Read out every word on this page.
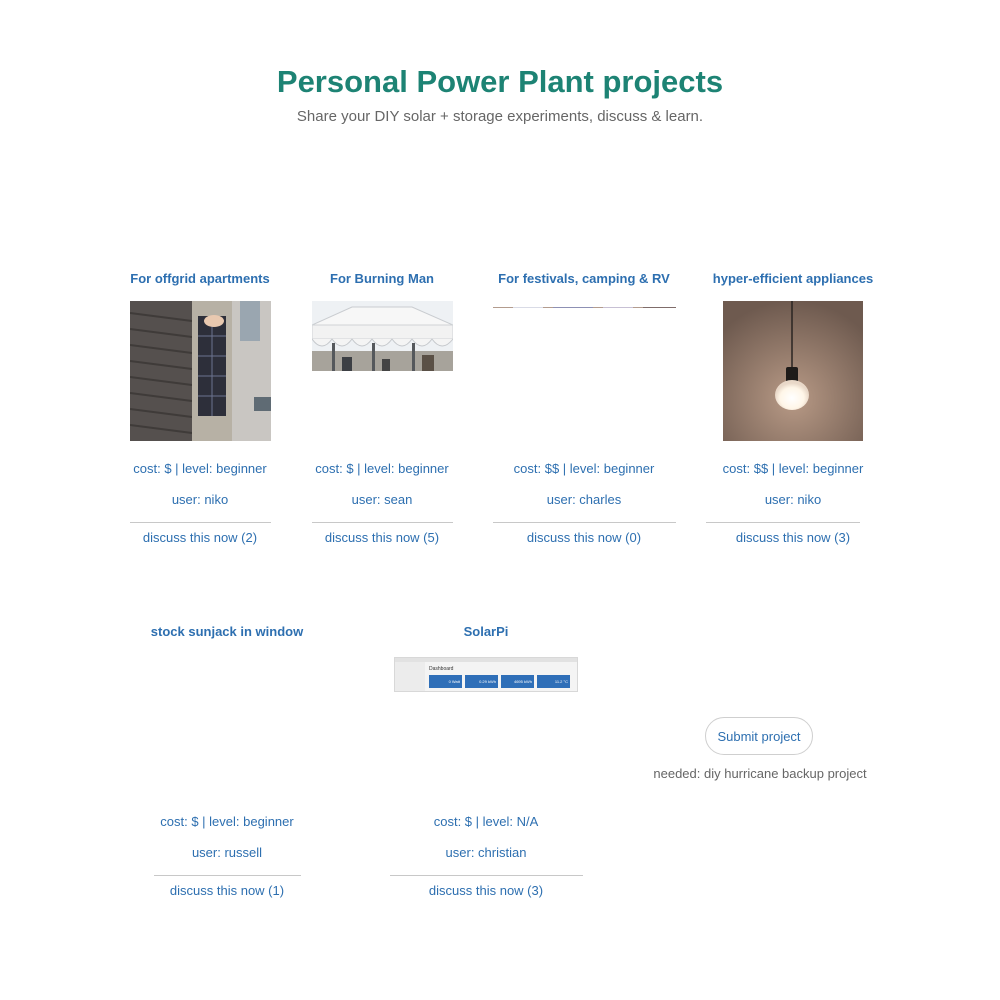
Personal Power Plant projects
Share your DIY solar + storage experiments, discuss & learn.
For offgrid apartments
cost: $ | level: beginner
user: niko
discuss this now (2)
For Burning Man
cost: $ | level: beginner
user: sean
discuss this now (5)
For festivals, camping & RV
cost: $$ | level: beginner
user: charles
discuss this now (0)
hyper-efficient appliances
cost: $$ | level: beginner
user: niko
discuss this now (3)
stock sunjack in window
cost: $ | level: beginner
user: russell
discuss this now (1)
SolarPi
Dashboard
0 Watt	0.29 kWh	4695 kWh	11.2 °C
cost: $ | level: N/A
user: christian
discuss this now (3)
Submit project
needed: diy hurricane backup project
